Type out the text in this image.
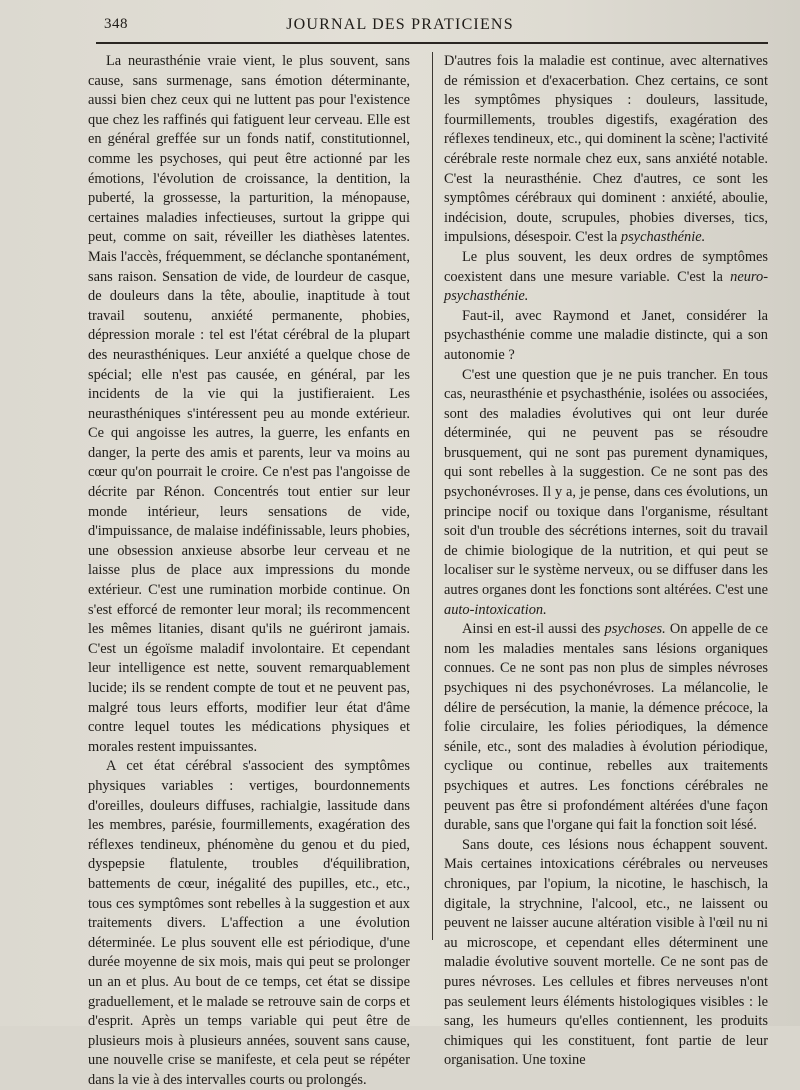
348	JOURNAL DES PRATICIENS

La neurasthénie vraie vient, le plus souvent, sans cause, sans surmenage, sans émotion déterminante, aussi bien chez ceux qui ne luttent pas pour l'existence que chez les raffinés qui fatiguent leur cerveau. Elle est en général greffée sur un fonds natif, constitutionnel, comme les psychoses, qui peut être actionné par les émotions, l'évolution de croissance, la dentition, la puberté, la grossesse, la parturition, la ménopause, certaines maladies infectieuses, surtout la grippe qui peut, comme on sait, réveiller les diathèses latentes. Mais l'accès, fréquemment, se déclanche spontanément, sans raison. Sensation de vide, de lourdeur de casque, de douleurs dans la tête, aboulie, inaptitude à tout travail soutenu, anxiété permanente, phobies, dépression morale : tel est l'état cérébral de la plupart des neurasthéniques. Leur anxiété a quelque chose de spécial; elle n'est pas causée, en général, par les incidents de la vie qui la justifieraient. Les neurasthéniques s'intéressent peu au monde extérieur. Ce qui angoisse les autres, la guerre, les enfants en danger, la perte des amis et parents, leur va moins au cœur qu'on pourrait le croire. Ce n'est pas l'angoisse de décrite par Rénon. Concentrés tout entier sur leur monde intérieur, leurs sensations de vide, d'impuissance, de malaise indéfinissable, leurs phobies, une obsession anxieuse absorbe leur cerveau et ne laisse plus de place aux impressions du monde extérieur. C'est une rumination morbide continue. On s'est efforcé de remonter leur moral; ils recommencent les mêmes litanies, disant qu'ils ne guériront jamais. C'est un égoïsme maladif involontaire. Et cependant leur intelligence est nette, souvent remarquablement lucide; ils se rendent compte de tout et ne peuvent pas, malgré tous leurs efforts, modifier leur état d'âme contre lequel toutes les médications physiques et morales restent impuissantes.

A cet état cérébral s'associent des symptômes physiques variables : vertiges, bourdonnements d'oreilles, douleurs diffuses, rachialgie, lassitude dans les membres, parésie, fourmillements, exagération des réflexes tendineux, phénomène du genou et du pied, dyspepsie flatulente, troubles d'équilibration, battements de cœur, inégalité des pupilles, etc., etc., tous ces symptômes sont rebelles à la suggestion et aux traitements divers. L'affection a une évolution déterminée. Le plus souvent elle est périodique, d'une durée moyenne de six mois, mais qui peut se prolonger un an et plus. Au bout de ce temps, cet état se dissipe graduellement, et le malade se retrouve sain de corps et d'esprit. Après un temps variable qui peut être de plusieurs mois à plusieurs années, souvent sans cause, une nouvelle crise se manifeste, et cela peut se répéter dans la vie à des intervalles courts ou prolongés.

D'autres fois la maladie est continue, avec alternatives de rémission et d'exacerbation. Chez certains, ce sont les symptômes physiques : douleurs, lassitude, fourmillements, troubles digestifs, exagération des réflexes tendineux, etc., qui dominent la scène; l'activité cérébrale reste normale chez eux, sans anxiété notable. C'est la neurasthénie. Chez d'autres, ce sont les symptômes cérébraux qui dominent : anxiété, aboulie, indécision, doute, scrupules, phobies diverses, tics, impulsions, désespoir. C'est la psychasthénie.

Le plus souvent, les deux ordres de symptômes coexistent dans une mesure variable. C'est la neuro-psychasthénie.

Faut-il, avec Raymond et Janet, considérer la psychasthénie comme une maladie distincte, qui a son autonomie ?

C'est une question que je ne puis trancher. En tous cas, neurasthénie et psychasthénie, isolées ou associées, sont des maladies évolutives qui ont leur durée déterminée, qui ne peuvent pas se résoudre brusquement, qui ne sont pas purement dynamiques, qui sont rebelles à la suggestion. Ce ne sont pas des psychonévroses. Il y a, je pense, dans ces évolutions, un principe nocif ou toxique dans l'organisme, résultant soit d'un trouble des sécrétions internes, soit du travail de chimie biologique de la nutrition, et qui peut se localiser sur le système nerveux, ou se diffuser dans les autres organes dont les fonctions sont altérées. C'est une auto-intoxication.

Ainsi en est-il aussi des psychoses. On appelle de ce nom les maladies mentales sans lésions organiques connues. Ce ne sont pas non plus de simples névroses psychiques ni des psychonévroses. La mélancolie, le délire de persécution, la manie, la démence précoce, la folie circulaire, les folies périodiques, la démence sénile, etc., sont des maladies à évolution périodique, cyclique ou continue, rebelles aux traitements psychiques et autres. Les fonctions cérébrales ne peuvent pas être si profondément altérées d'une façon durable, sans que l'organe qui fait la fonction soit lésé.

Sans doute, ces lésions nous échappent souvent. Mais certaines intoxications cérébrales ou nerveuses chroniques, par l'opium, la nicotine, le haschisch, la digitale, la strychnine, l'alcool, etc., ne laissent ou peuvent ne laisser aucune altération visible à l'œil nu ni au microscope, et cependant elles déterminent une maladie évolutive souvent mortelle. Ce ne sont pas de pures névroses. Les cellules et fibres nerveuses n'ont pas seulement leurs éléments histologiques visibles : le sang, les humeurs qu'elles contiennent, les produits chimiques qui les constituent, font partie de leur organisation. Une toxine
